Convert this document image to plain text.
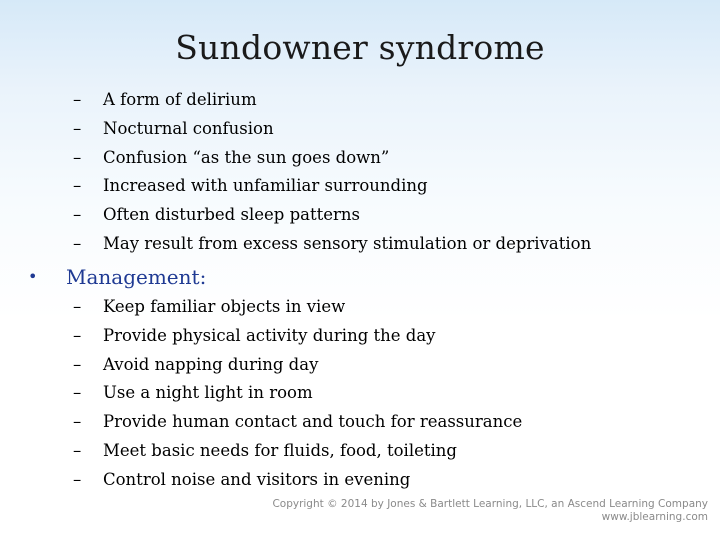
Sundowner syndrome
– A form of delirium
– Nocturnal confusion
– Confusion “as the sun goes down”
– Increased with unfamiliar surrounding
– Often disturbed sleep patterns
– May result from excess sensory stimulation or deprivation
• Management:
– Keep familiar objects in view
– Provide physical activity during the day
– Avoid napping during day
– Use a night light in room
– Provide human contact and touch for reassurance
– Meet basic needs for fluids, food, toileting
– Control noise and visitors in evening
Copyright © 2014 by Jones & Bartlett Learning, LLC, an Ascend Learning Company
www.jblearning.com
